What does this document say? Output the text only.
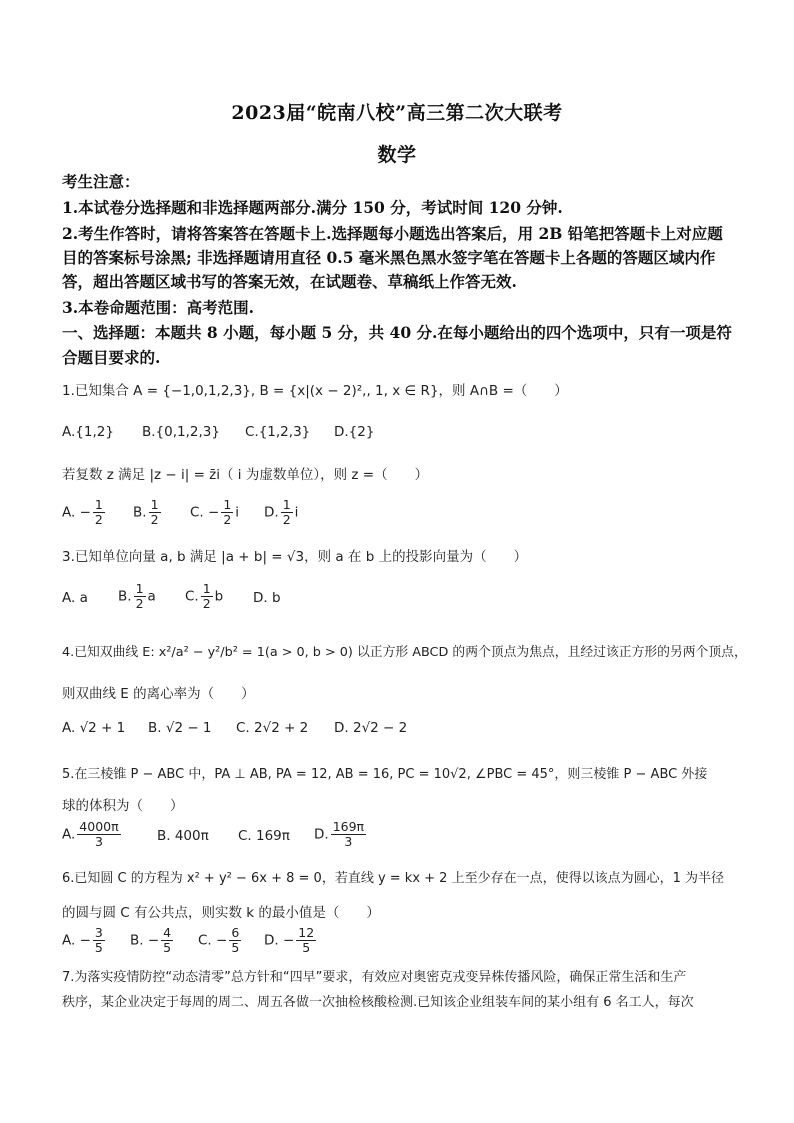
2023届“皖南八校”高三第二次大联考
数学
考生注意：
1.本试卷分选择题和非选择题两部分.满分 150 分，考试时间 120 分钟.
2.考生作答时，请将答案答在答题卡上.选择题每小题选出答案后，用 2B 铅笔把答题卡上对应题
目的答案标号涂黑; 非选择题请用直径 0.5 毫米黑色黑水签字笔在答题卡上各题的答题区域内作
答，超出答题区域书写的答案无效，在试题卷、草稿纸上作答无效.
3.本卷命题范围：高考范围.
一、选择题：本题共 8 小题，每小题 5 分，共 40 分.在每小题给出的四个选项中，只有一项是符
合题目要求的.
1.已知集合 A = {−1,0,1,2,3}, B = {x|(x − 2)²,, 1, x ∈ R}，则 A∩B =（　　）
A.{1,2} B.{0,1,2,3} C.{1,2,3} D.{2}
若复数 z 满足 |z − i| = z̄i（ i 为虚数单位），则 z =（　　）
A. − $\frac{1}{2} B$. $\frac{1}{2} C$. − $\frac{1}{2}$ i D. $\frac{1}{2}$ i
3.已知单位向量 a, b 满足 |a + b| = √3，则 a 在 b 上的投影向量为（　　）
A. a B. $\frac{1}{2}$ a C. $\frac{1}{2}$ b D. b
4.已知双曲线 E: x²/a² − y²/b² = 1(a > 0, b > 0) 以正方形 ABCD 的两个顶点为焦点，且经过该正方形的另两个顶点，
则双曲线 E 的离心率为（　　）
A. √2 + 1 B. √2 − 1 C. 2√2 + 2 D. 2√2 − 2
5.在三棱锥 P − ABC 中，PA ⊥ AB, PA = 12, AB = 16, PC = 10√2, ∠PBC = 45°，则三棱锥 P − ABC 外接
球的体积为（　　）
A. $\frac{4000\pi}{3}$	B. 400π C. 169π D. $\frac{169\pi}{3}$
6.已知圆 C 的方程为 x² + y² − 6x + 8 = 0，若直线 y = kx + 2 上至少存在一点，使得以该点为圆心，1 为半径
的圆与圆 C 有公共点，则实数 k 的最小值是（　　）
A. − $\frac{3}{5} B$. − $\frac{4}{5} C$. − $\frac{6}{5} D$. − $\frac{12}{5}$
7.为落实疫情防控“动态清零”总方针和“四早”要求，有效应对奥密克戎变异株传播风险，确保正常生活和生产
秩序，某企业决定于每周的周二、周五各做一次抽检核酸检测.已知该企业组装车间的某小组有 6 名工人，每次
